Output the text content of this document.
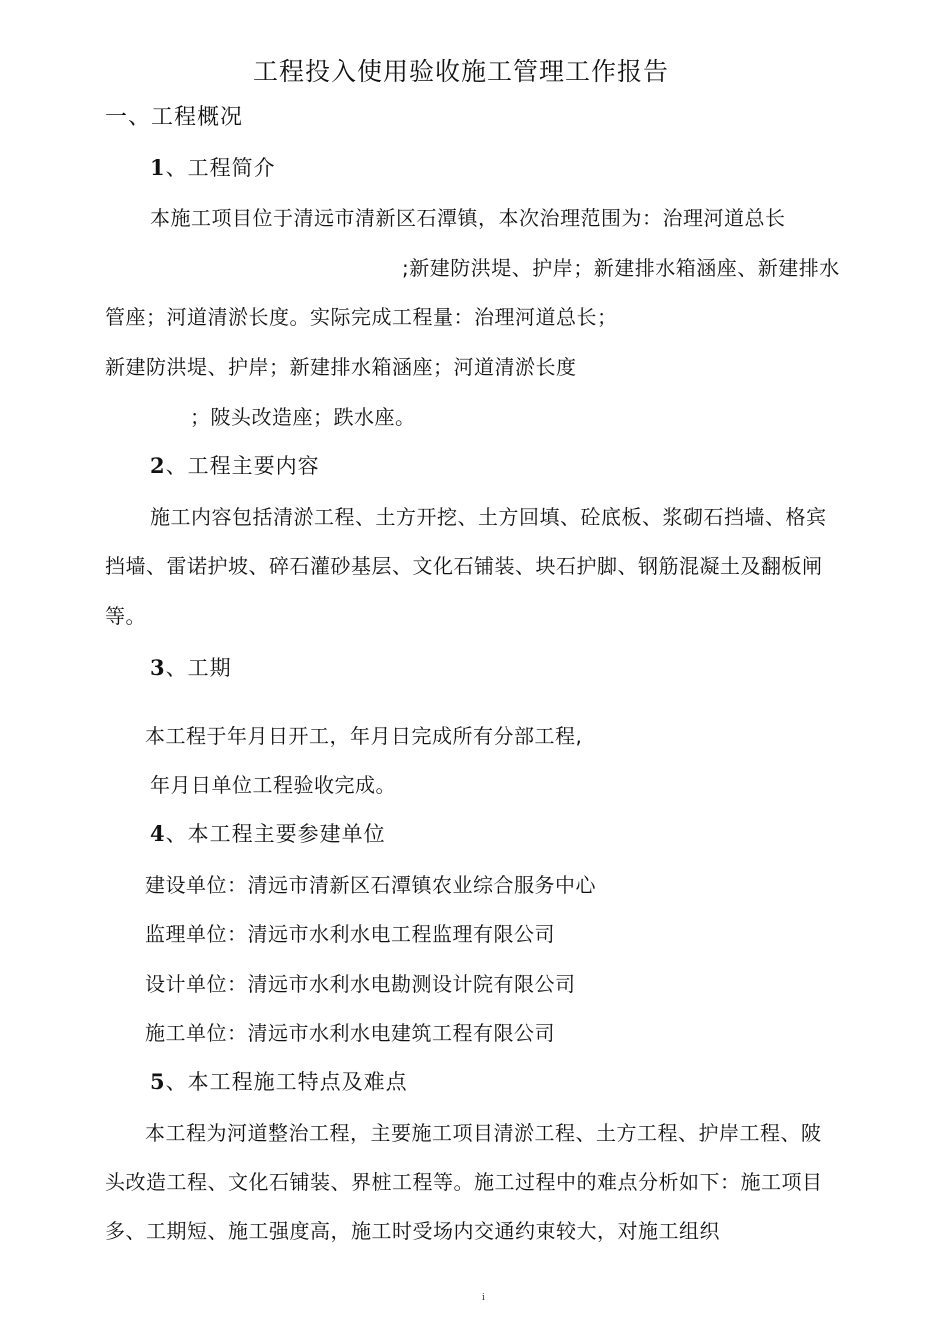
工程投入使用验收施工管理工作报告
一、工程概况
1、工程简介
本施工项目位于清远市清新区石潭镇，本次治理范围为：治理河道总长
;新建防洪堤、护岸；新建排水箱涵座、新建排水
管座；河道清淤长度。实际完成工程量：治理河道总长；
新建防洪堤、护岸；新建排水箱涵座；河道清淤长度
；陂头改造座；跌水座。
2、工程主要内容
施工内容包括清淤工程、土方开挖、土方回填、砼底板、浆砌石挡墙、格宾
挡墙、雷诺护坡、碎石灌砂基层、文化石铺装、块石护脚、钢筋混凝土及翻板闸
等。
3、工期
本工程于年月日开工，年月日完成所有分部工程,
年月日单位工程验收完成。
4、本工程主要参建单位
建设单位：清远市清新区石潭镇农业综合服务中心
监理单位：清远市水利水电工程监理有限公司
设计单位：清远市水利水电勘测设计院有限公司
施工单位：清远市水利水电建筑工程有限公司
5、本工程施工特点及难点
本工程为河道整治工程，主要施工项目清淤工程、土方工程、护岸工程、陂
头改造工程、文化石铺装、界桩工程等。施工过程中的难点分析如下：施工项目
多、工期短、施工强度高，施工时受场内交通约束较大，对施工组织
i
